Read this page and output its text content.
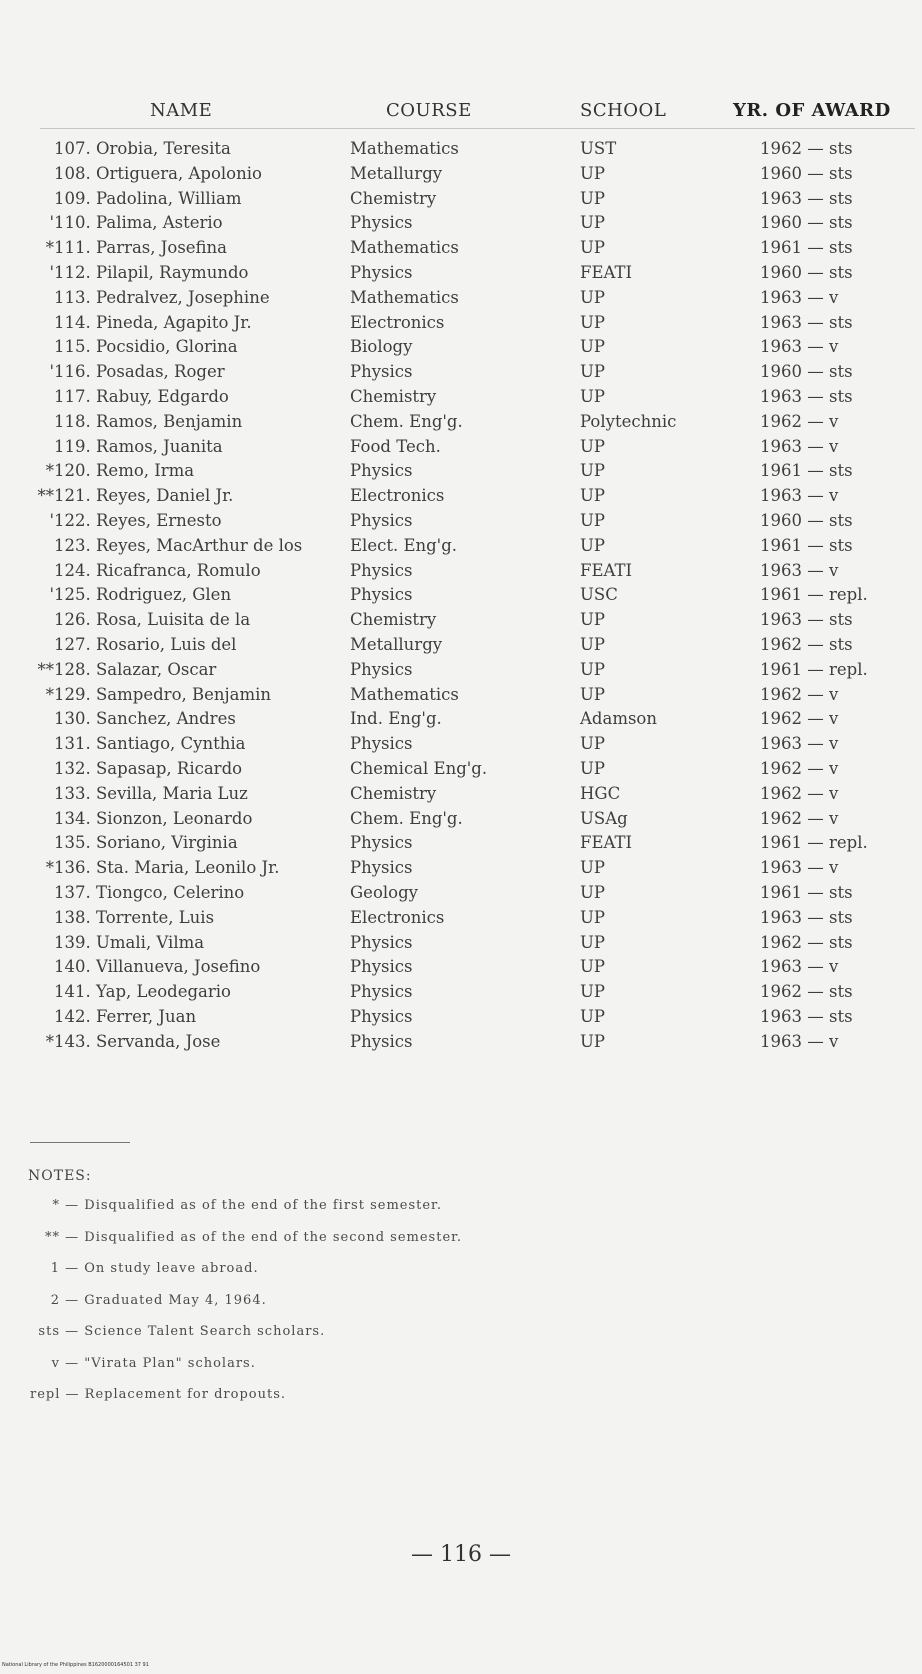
NAME	COURSE	SCHOOL	YR. OF AWARD
107. Orobia, Teresita	Mathematics	UST	1962 — sts
108. Ortiguera, Apolonio	Metallurgy	UP	1960 — sts
109. Padolina, William	Chemistry	UP	1963 — sts
'110. Palima, Asterio	Physics	UP	1960 — sts
*111. Parras, Josefina	Mathematics	UP	1961 — sts
'112. Pilapil, Raymundo	Physics	FEATI	1960 — sts
113. Pedralvez, Josephine	Mathematics	UP	1963 — v
114. Pineda, Agapito Jr.	Electronics	UP	1963 — sts
115. Pocsidio, Glorina	Biology	UP	1963 — v
'116. Posadas, Roger	Physics	UP	1960 — sts
117. Rabuy, Edgardo	Chemistry	UP	1963 — sts
118. Ramos, Benjamin	Chem. Eng'g.	Polytechnic	1962 — v
119. Ramos, Juanita	Food Tech.	UP	1963 — v
*120. Remo, Irma	Physics	UP	1961 — sts
**121. Reyes, Daniel Jr.	Electronics	UP	1963 — v
'122. Reyes, Ernesto	Physics	UP	1960 — sts
123. Reyes, MacArthur de los	Elect. Eng'g.	UP	1961 — sts
124. Ricafranca, Romulo	Physics	FEATI	1963 — v
'125. Rodriguez, Glen	Physics	USC	1961 — repl.
126. Rosa, Luisita de la	Chemistry	UP	1963 — sts
127. Rosario, Luis del	Metallurgy	UP	1962 — sts
**128. Salazar, Oscar	Physics	UP	1961 — repl.
*129. Sampedro, Benjamin	Mathematics	UP	1962 — v
130. Sanchez, Andres	Ind. Eng'g.	Adamson	1962 — v
131. Santiago, Cynthia	Physics	UP	1963 — v
132. Sapasap, Ricardo	Chemical Eng'g.	UP	1962 — v
133. Sevilla, Maria Luz	Chemistry	HGC	1962 — v
134. Sionzon, Leonardo	Chem. Eng'g.	USAg	1962 — v
135. Soriano, Virginia	Physics	FEATI	1961 — repl.
*136. Sta. Maria, Leonilo Jr.	Physics	UP	1963 — v
137. Tiongco, Celerino	Geology	UP	1961 — sts
138. Torrente, Luis	Electronics	UP	1963 — sts
139. Umali, Vilma	Physics	UP	1962 — sts
140. Villanueva, Josefino	Physics	UP	1963 — v
141. Yap, Leodegario	Physics	UP	1962 — sts
142. Ferrer, Juan	Physics	UP	1963 — sts
*143. Servanda, Jose	Physics	UP	1963 — v
NOTES:
* — Disqualified as of the end of the first semester.
** — Disqualified as of the end of the second semester.
1 — On study leave abroad.
2 — Graduated May 4, 1964.
sts — Science Talent Search scholars.
v — "Virata Plan" scholars.
repl — Replacement for dropouts.
— 116 —
National Library of the Philippines B1620000164501 37 91
